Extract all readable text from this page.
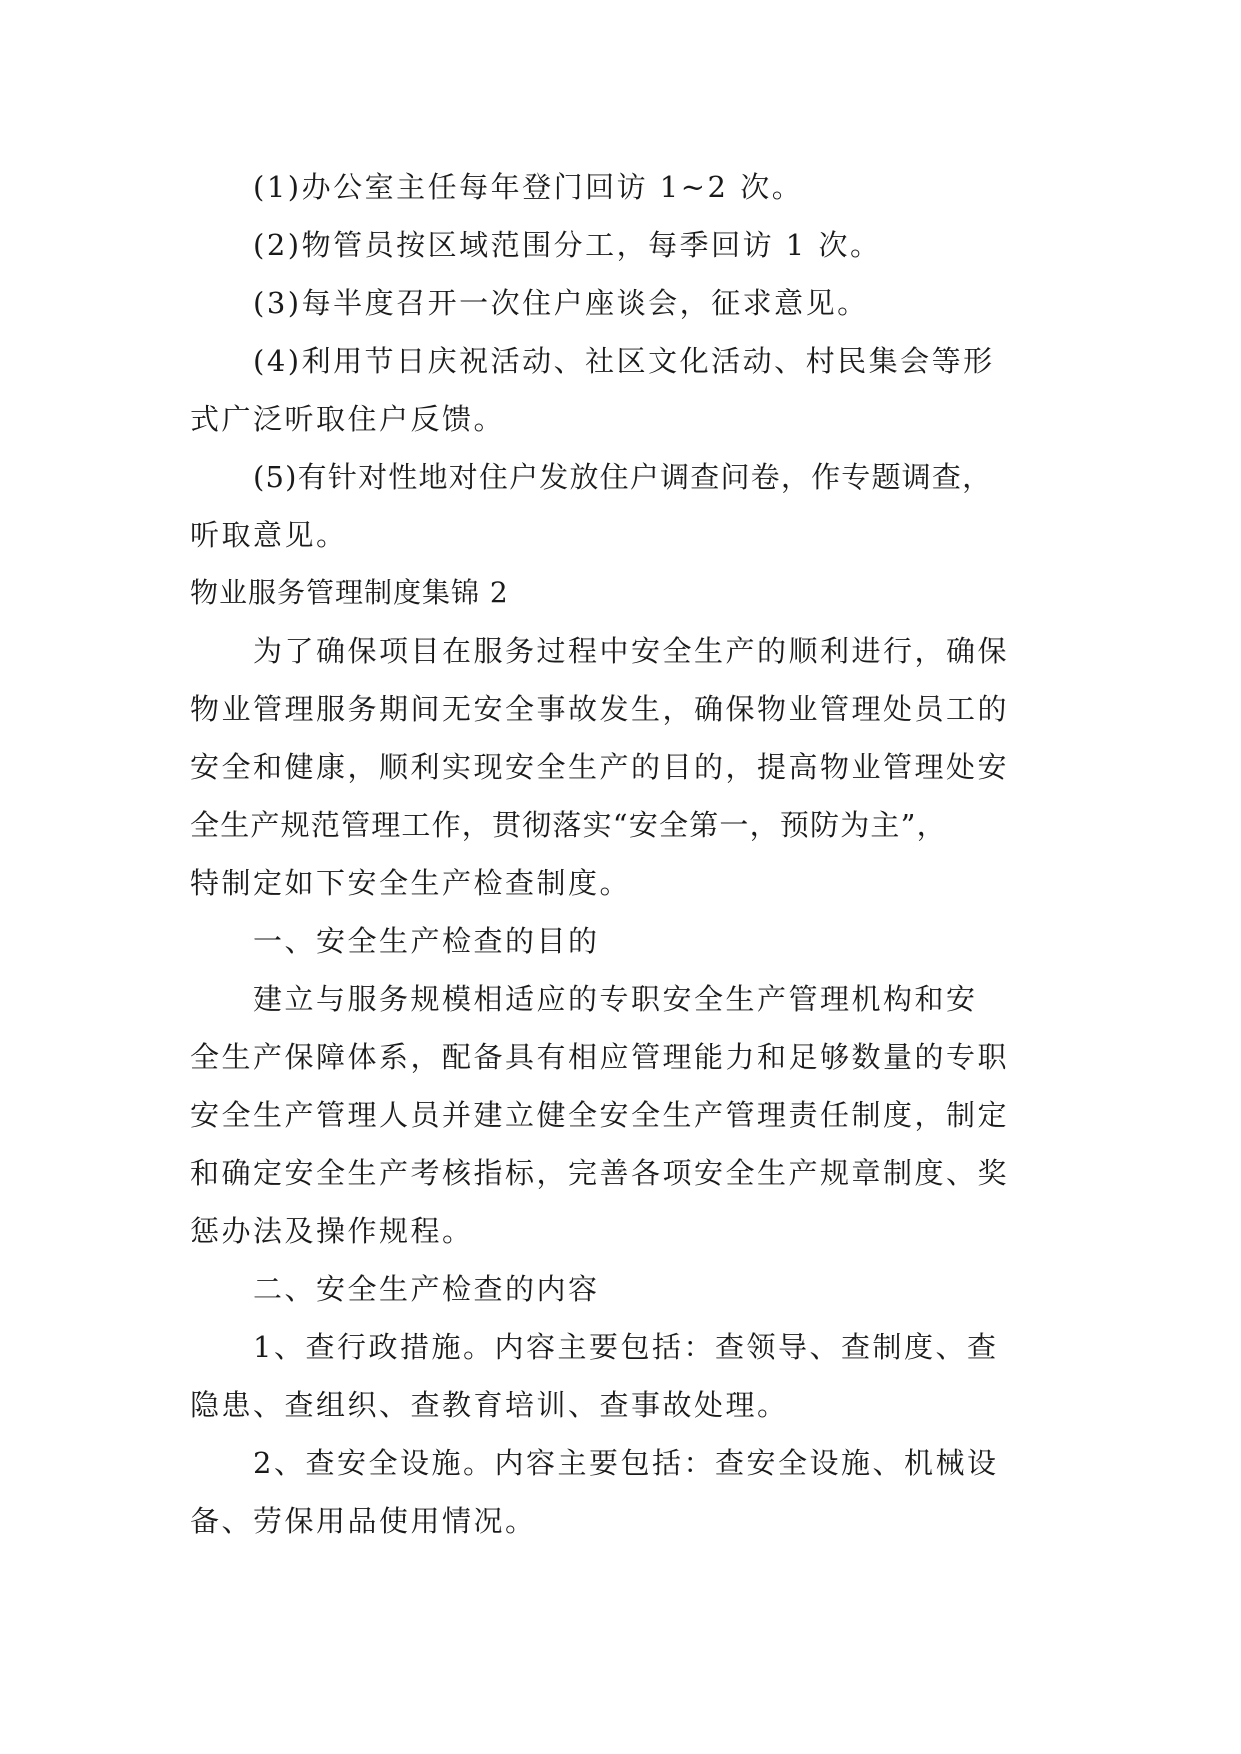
(1)办公室主任每年登门回访 1~2 次。
(2)物管员按区域范围分工，每季回访 1 次。
(3)每半度召开一次住户座谈会，征求意见。
(4)利用节日庆祝活动、社区文化活动、村民集会等形
式广泛听取住户反馈。
(5)有针对性地对住户发放住户调查问卷，作专题调查，
听取意见。
物业服务管理制度集锦 2
为了确保项目在服务过程中安全生产的顺利进行，确保
物业管理服务期间无安全事故发生，确保物业管理处员工的
安全和健康，顺利实现安全生产的目的，提高物业管理处安
全生产规范管理工作，贯彻落实“安全第一，预防为主”，
特制定如下安全生产检查制度。
一、安全生产检查的目的
建立与服务规模相适应的专职安全生产管理机构和安
全生产保障体系，配备具有相应管理能力和足够数量的专职
安全生产管理人员并建立健全安全生产管理责任制度，制定
和确定安全生产考核指标，完善各项安全生产规章制度、奖
惩办法及操作规程。
二、安全生产检查的内容
1、查行政措施。内容主要包括：查领导、查制度、查
隐患、查组织、查教育培训、查事故处理。
2、查安全设施。内容主要包括：查安全设施、机械设
备、劳保用品使用情况。
